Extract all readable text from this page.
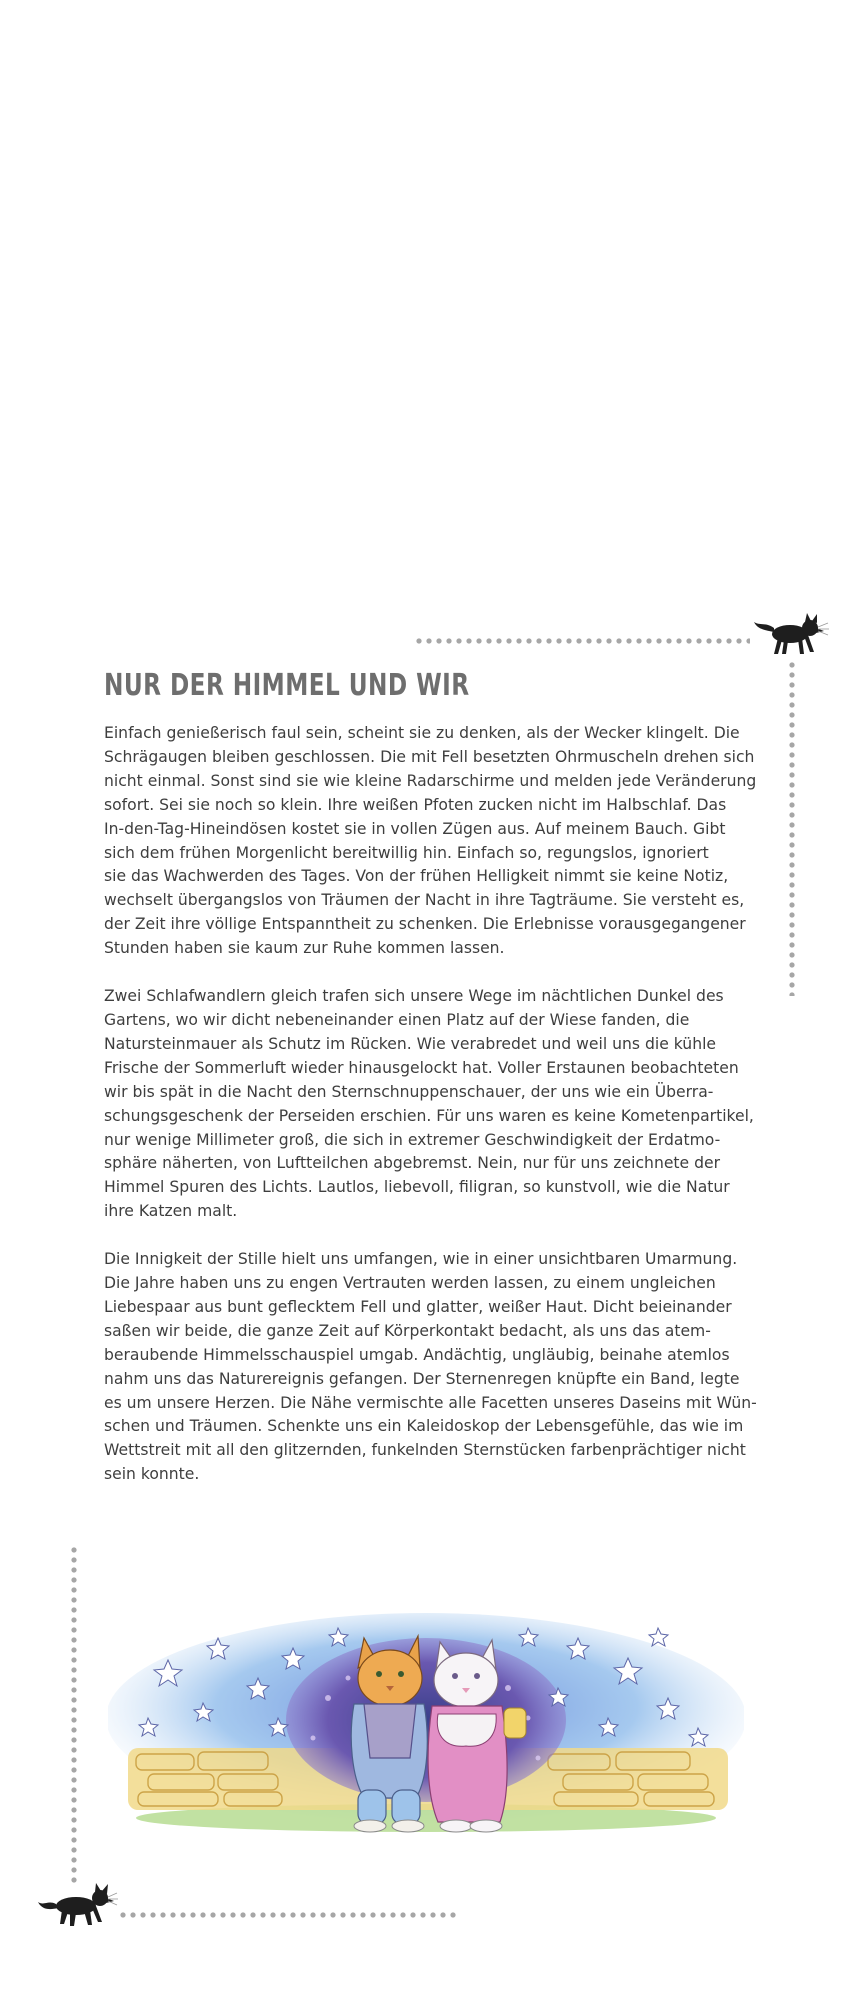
NUR DER HIMMEL UND WIR

Einfach genießerisch faul sein, scheint sie zu denken, als der Wecker klingelt. Die
Schrägaugen bleiben geschlossen. Die mit Fell besetzten Ohrmuscheln drehen sich
nicht einmal. Sonst sind sie wie kleine Radarschirme und melden jede Veränderung
sofort. Sei sie noch so klein. Ihre weißen Pfoten zucken nicht im Halbschlaf. Das
In-den-Tag-Hineindösen kostet sie in vollen Zügen aus. Auf meinem Bauch. Gibt
sich dem frühen Morgenlicht bereitwillig hin. Einfach so, regungslos, ignoriert
sie das Wachwerden des Tages. Von der frühen Helligkeit nimmt sie keine Notiz,
wechselt übergangslos von Träumen der Nacht in ihre Tagträume. Sie versteht es,
der Zeit ihre völlige Entspanntheit zu schenken. Die Erlebnisse vorausgegangener
Stunden haben sie kaum zur Ruhe kommen lassen.

Zwei Schlafwandlern gleich trafen sich unsere Wege im nächtlichen Dunkel des
Gartens, wo wir dicht nebeneinander einen Platz auf der Wiese fanden, die
Natursteinmauer als Schutz im Rücken. Wie verabredet und weil uns die kühle
Frische der Sommerluft wieder hinausgelockt hat. Voller Erstaunen beobachteten
wir bis spät in die Nacht den Sternschnuppenschauer, der uns wie ein Überra-
schungsgeschenk der Perseiden erschien. Für uns waren es keine Kometenpartikel,
nur wenige Millimeter groß, die sich in extremer Geschwindigkeit der Erdatmo-
sphäre näherten, von Luftteilchen abgebremst. Nein, nur für uns zeichnete der
Himmel Spuren des Lichts. Lautlos, liebevoll, filigran, so kunstvoll, wie die Natur
ihre Katzen malt.

Die Innigkeit der Stille hielt uns umfangen, wie in einer unsichtbaren Umarmung.
Die Jahre haben uns zu engen Vertrauten werden lassen, zu einem ungleichen
Liebespaar aus bunt geflecktem Fell und glatter, weißer Haut. Dicht beieinander
saßen wir beide, die ganze Zeit auf Körperkontakt bedacht, als uns das atem-
beraubende Himmelsschauspiel umgab. Andächtig, ungläubig, beinahe atemlos
nahm uns das Naturereignis gefangen. Der Sternenregen knüpfte ein Band, legte
es um unsere Herzen. Die Nähe vermischte alle Facetten unseres Daseins mit Wün-
schen und Träumen. Schenkte uns ein Kaleidoskop der Lebensgefühle, das wie im
Wettstreit mit all den glitzernden, funkelnden Sternstücken farbenprächtiger nicht
sein konnte.
